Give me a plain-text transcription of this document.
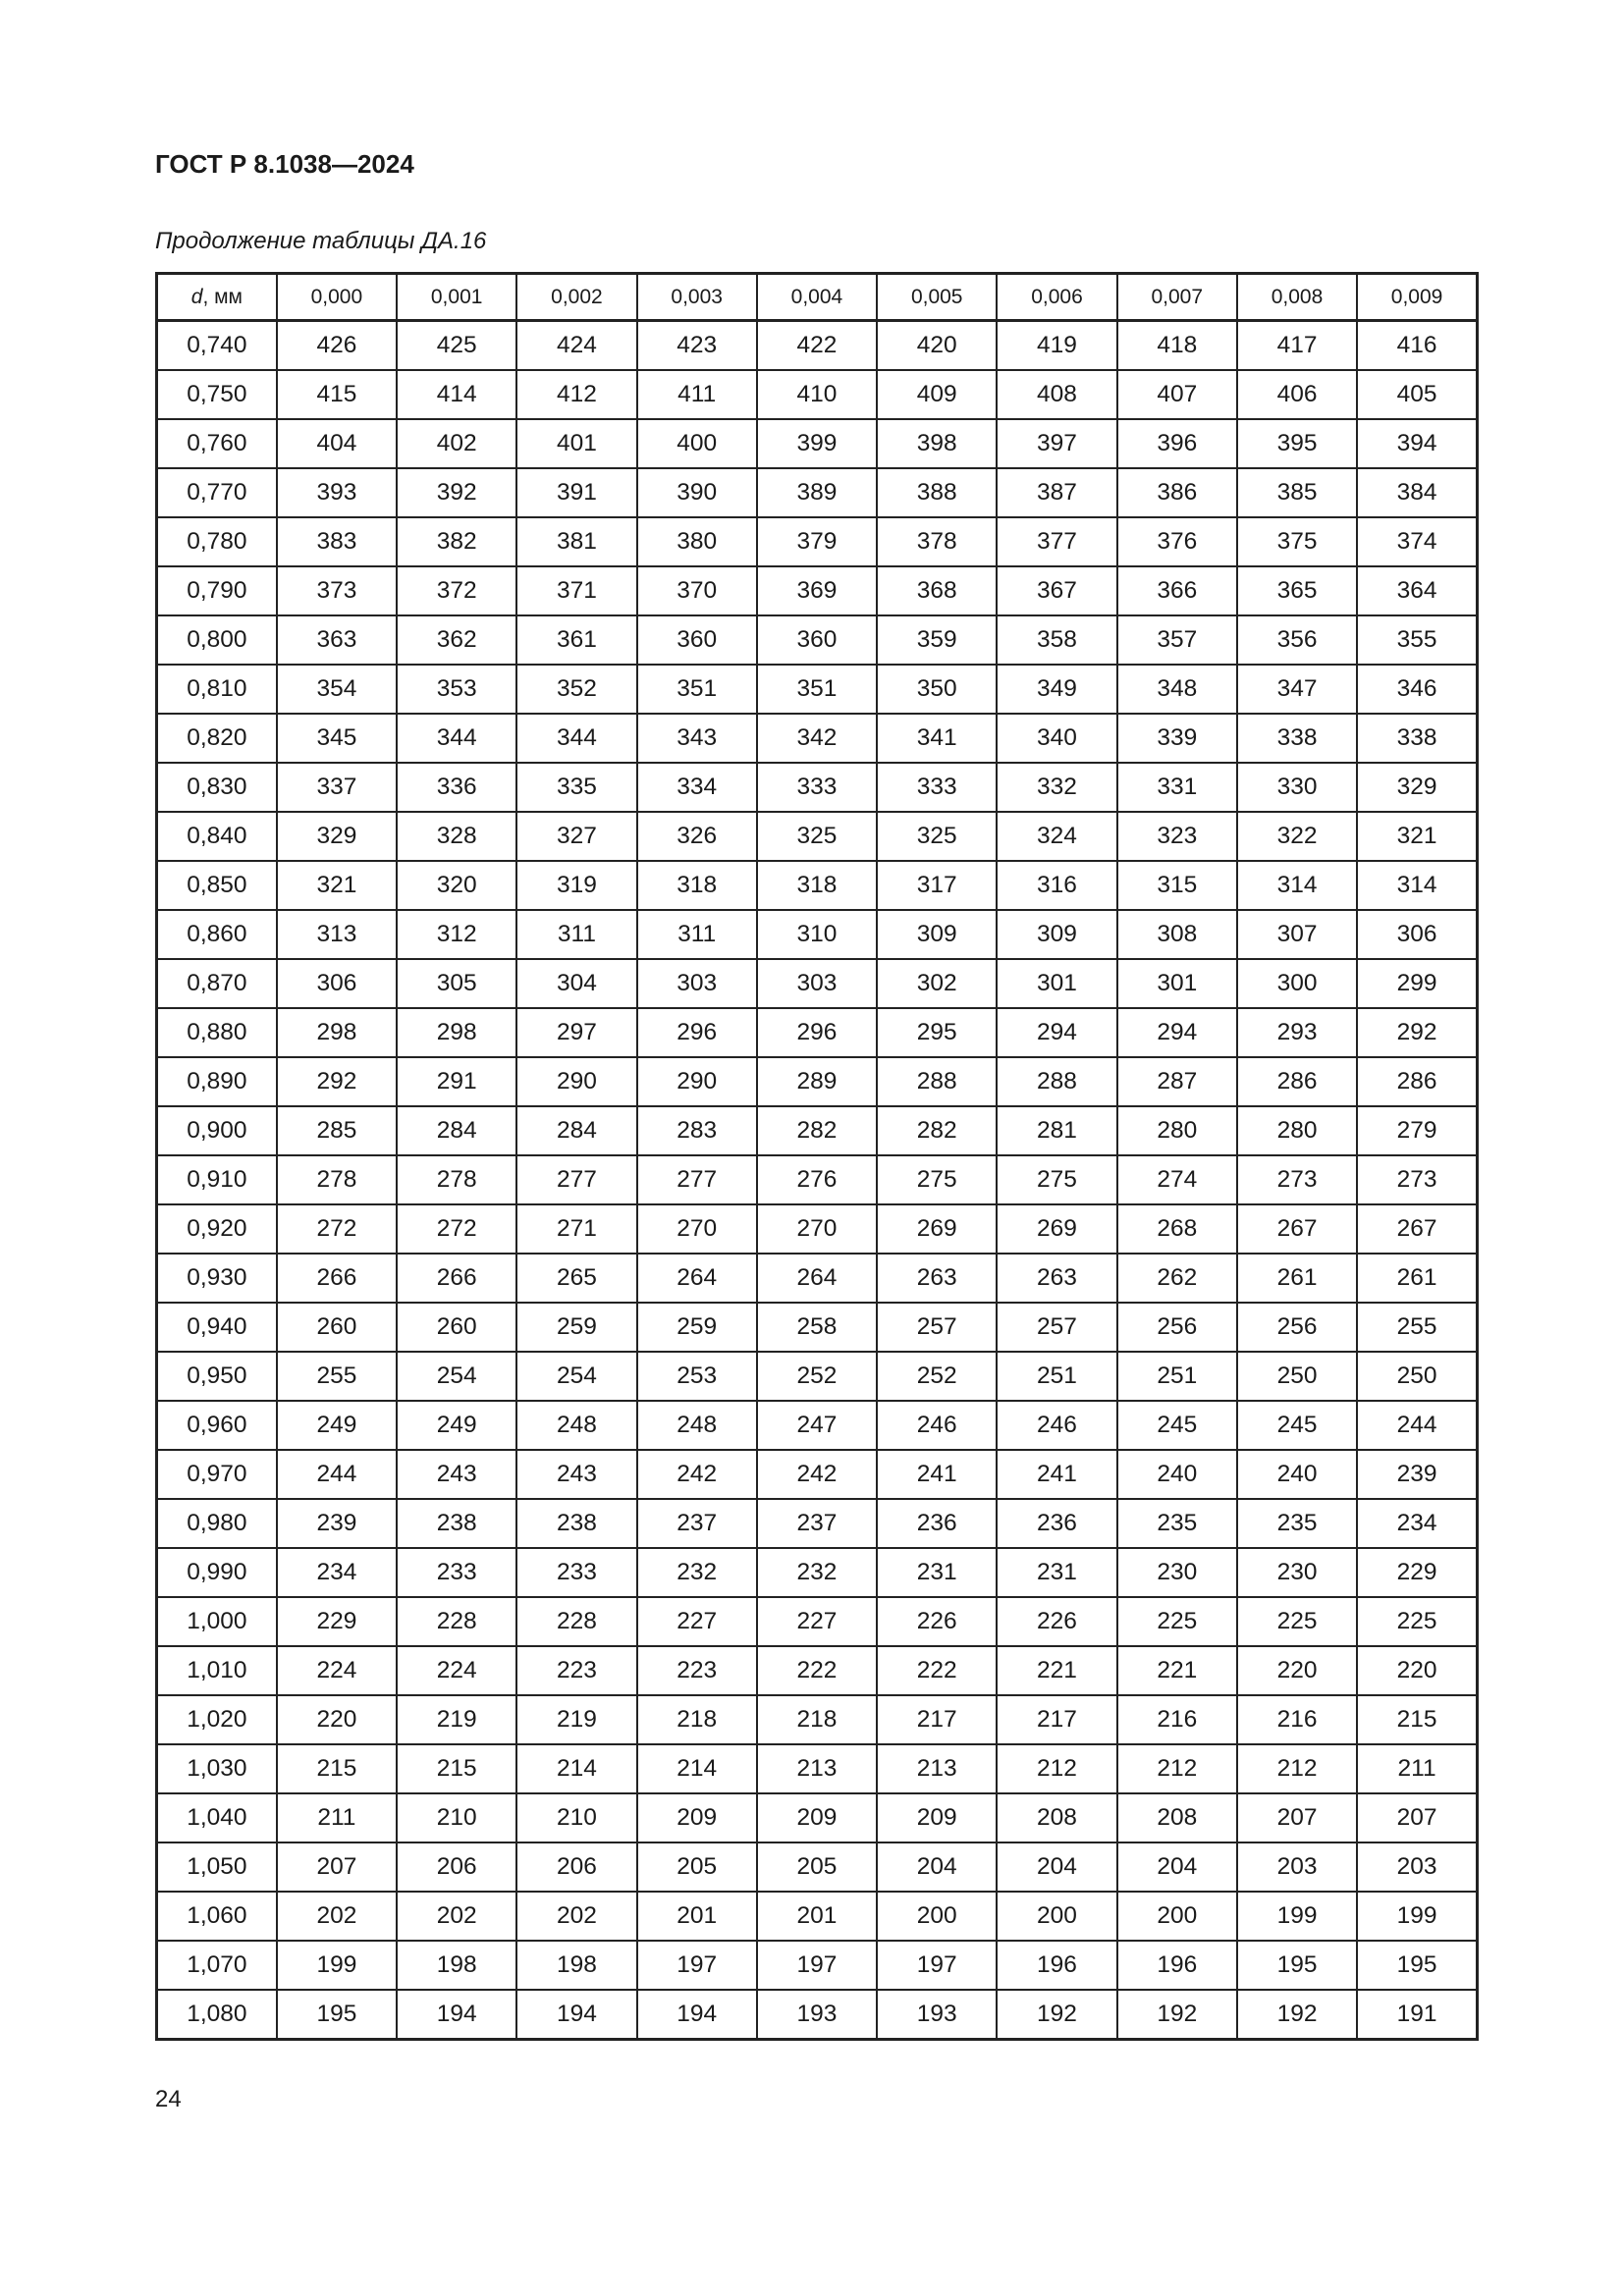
ГОСТ Р 8.1038—2024
Продолжение таблицы ДА.16
d, мм	0,000	0,001	0,002	0,003	0,004	0,005	0,006	0,007	0,008	0,009
0,740	426	425	424	423	422	420	419	418	417	416
0,750	415	414	412	411	410	409	408	407	406	405
0,760	404	402	401	400	399	398	397	396	395	394
0,770	393	392	391	390	389	388	387	386	385	384
0,780	383	382	381	380	379	378	377	376	375	374
0,790	373	372	371	370	369	368	367	366	365	364
0,800	363	362	361	360	360	359	358	357	356	355
0,810	354	353	352	351	351	350	349	348	347	346
0,820	345	344	344	343	342	341	340	339	338	338
0,830	337	336	335	334	333	333	332	331	330	329
0,840	329	328	327	326	325	325	324	323	322	321
0,850	321	320	319	318	318	317	316	315	314	314
0,860	313	312	311	311	310	309	309	308	307	306
0,870	306	305	304	303	303	302	301	301	300	299
0,880	298	298	297	296	296	295	294	294	293	292
0,890	292	291	290	290	289	288	288	287	286	286
0,900	285	284	284	283	282	282	281	280	280	279
0,910	278	278	277	277	276	275	275	274	273	273
0,920	272	272	271	270	270	269	269	268	267	267
0,930	266	266	265	264	264	263	263	262	261	261
0,940	260	260	259	259	258	257	257	256	256	255
0,950	255	254	254	253	252	252	251	251	250	250
0,960	249	249	248	248	247	246	246	245	245	244
0,970	244	243	243	242	242	241	241	240	240	239
0,980	239	238	238	237	237	236	236	235	235	234
0,990	234	233	233	232	232	231	231	230	230	229
1,000	229	228	228	227	227	226	226	225	225	225
1,010	224	224	223	223	222	222	221	221	220	220
1,020	220	219	219	218	218	217	217	216	216	215
1,030	215	215	214	214	213	213	212	212	212	211
1,040	211	210	210	209	209	209	208	208	207	207
1,050	207	206	206	205	205	204	204	204	203	203
1,060	202	202	202	201	201	200	200	200	199	199
1,070	199	198	198	197	197	197	196	196	195	195
1,080	195	194	194	194	193	193	192	192	192	191
24
